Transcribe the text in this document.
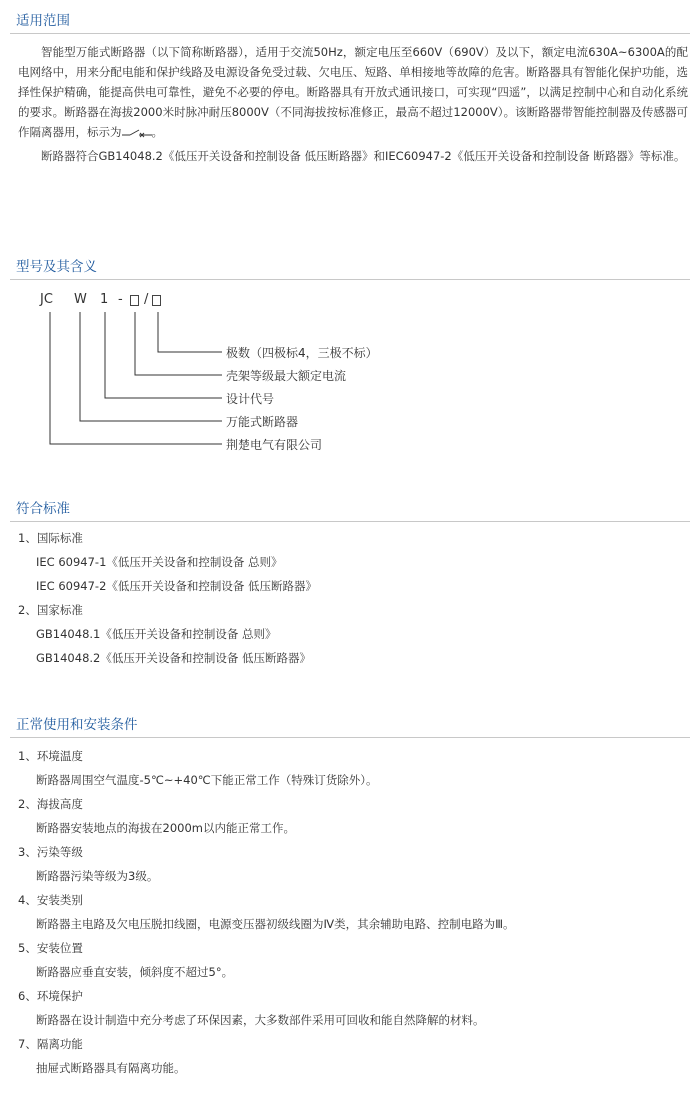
适用范围

智能型万能式断路器（以下简称断路器），适用于交流50Hz，额定电压至660V（690V）及以下，额定电流630A~6300A的配电网络中，用来分配电能和保护线路及电源设备免受过载、欠电压、短路、单相接地等故障的危害。断路器具有智能化保护功能，选择性保护精确，能提高供电可靠性，避免不必要的停电。断路器具有开放式通讯接口，可实现“四遥”，以满足控制中心和自动化系统的要求。断路器在海拔2000米时脉冲耐压8000V（不同海拔按标准修正，最高不超过12000V）。该断路器带智能控制器及传感器可作隔离器用，标示为	。

断路器符合GB14048.2《低压开关设备和控制设备 低压断路器》和IEC60947-2《低压开关设备和控制设备 断路器》等标准。

型号及其含义
JC W 1 - /
极数（四极标4，三极不标）
壳架等级最大额定电流
设计代号
万能式断路器
荆楚电气有限公司
符合标准
1、国际标准
IEC 60947-1《低压开关设备和控制设备 总则》
IEC 60947-2《低压开关设备和控制设备 低压断路器》
2、国家标准
GB14048.1《低压开关设备和控制设备 总则》
GB14048.2《低压开关设备和控制设备 低压断路器》
正常使用和安装条件
1、环境温度
断路器周围空气温度-5℃~+40℃下能正常工作（特殊订货除外）。
2、海拔高度
断路器安装地点的海拔在2000m以内能正常工作。
3、污染等级
断路器污染等级为3级。
4、安装类别
断路器主电路及欠电压脱扣线圈，电源变压器初级线圈为Ⅳ类，其余辅助电路、控制电路为Ⅲ。
5、安装位置
断路器应垂直安装，倾斜度不超过5°。
6、环境保护
断路器在设计制造中充分考虑了环保因素，大多数部件采用可回收和能自然降解的材料。
7、隔离功能
抽屉式断路器具有隔离功能。
